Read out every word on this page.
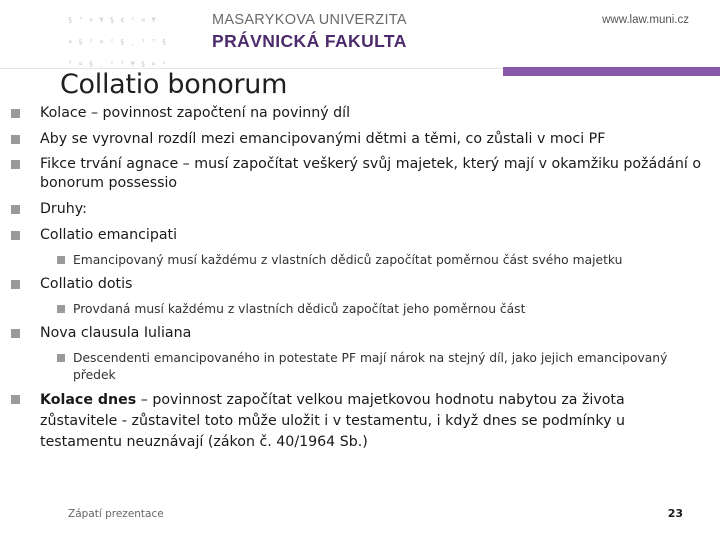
§ ³ ¤ ¥ § ¢ ¹ ¤ ¥

¤ § ¹ ¤ ² § ¸ ¹ ³ §

³ ¤ § ¸ ² ³ ¥ § ¤ ²

MASARYKOVA UNIVERZITA
PRÁVNICKÁ FAKULTA
www.law.muni.cz
Collatio bonorum
Kolace – povinnost započtení na povinný díl
Aby se vyrovnal rozdíl mezi emancipovanými dětmi a těmi, co zůstali v moci PF
Fikce trvání agnace – musí započítat veškerý svůj majetek, který mají v okamžiku požádání o bonorum possessio
Druhy:
Collatio emancipati
Emancipovaný musí každému z vlastních dědiců započítat poměrnou část svého majetku
Collatio dotis
Provdaná musí každému z vlastních dědiců započítat jeho poměrnou část
Nova clausula Iuliana
Descendenti emancipovaného in potestate PF mají nárok na stejný díl, jako jejich emancipovaný předek
Kolace dnes – povinnost započítat velkou majetkovou hodnotu nabytou za života zůstavitele - zůstavitel toto může uložit i v testamentu, i když dnes se podmínky u testamentu neuznávají (zákon č. 40/1964 Sb.)
Zápatí prezentace	23
